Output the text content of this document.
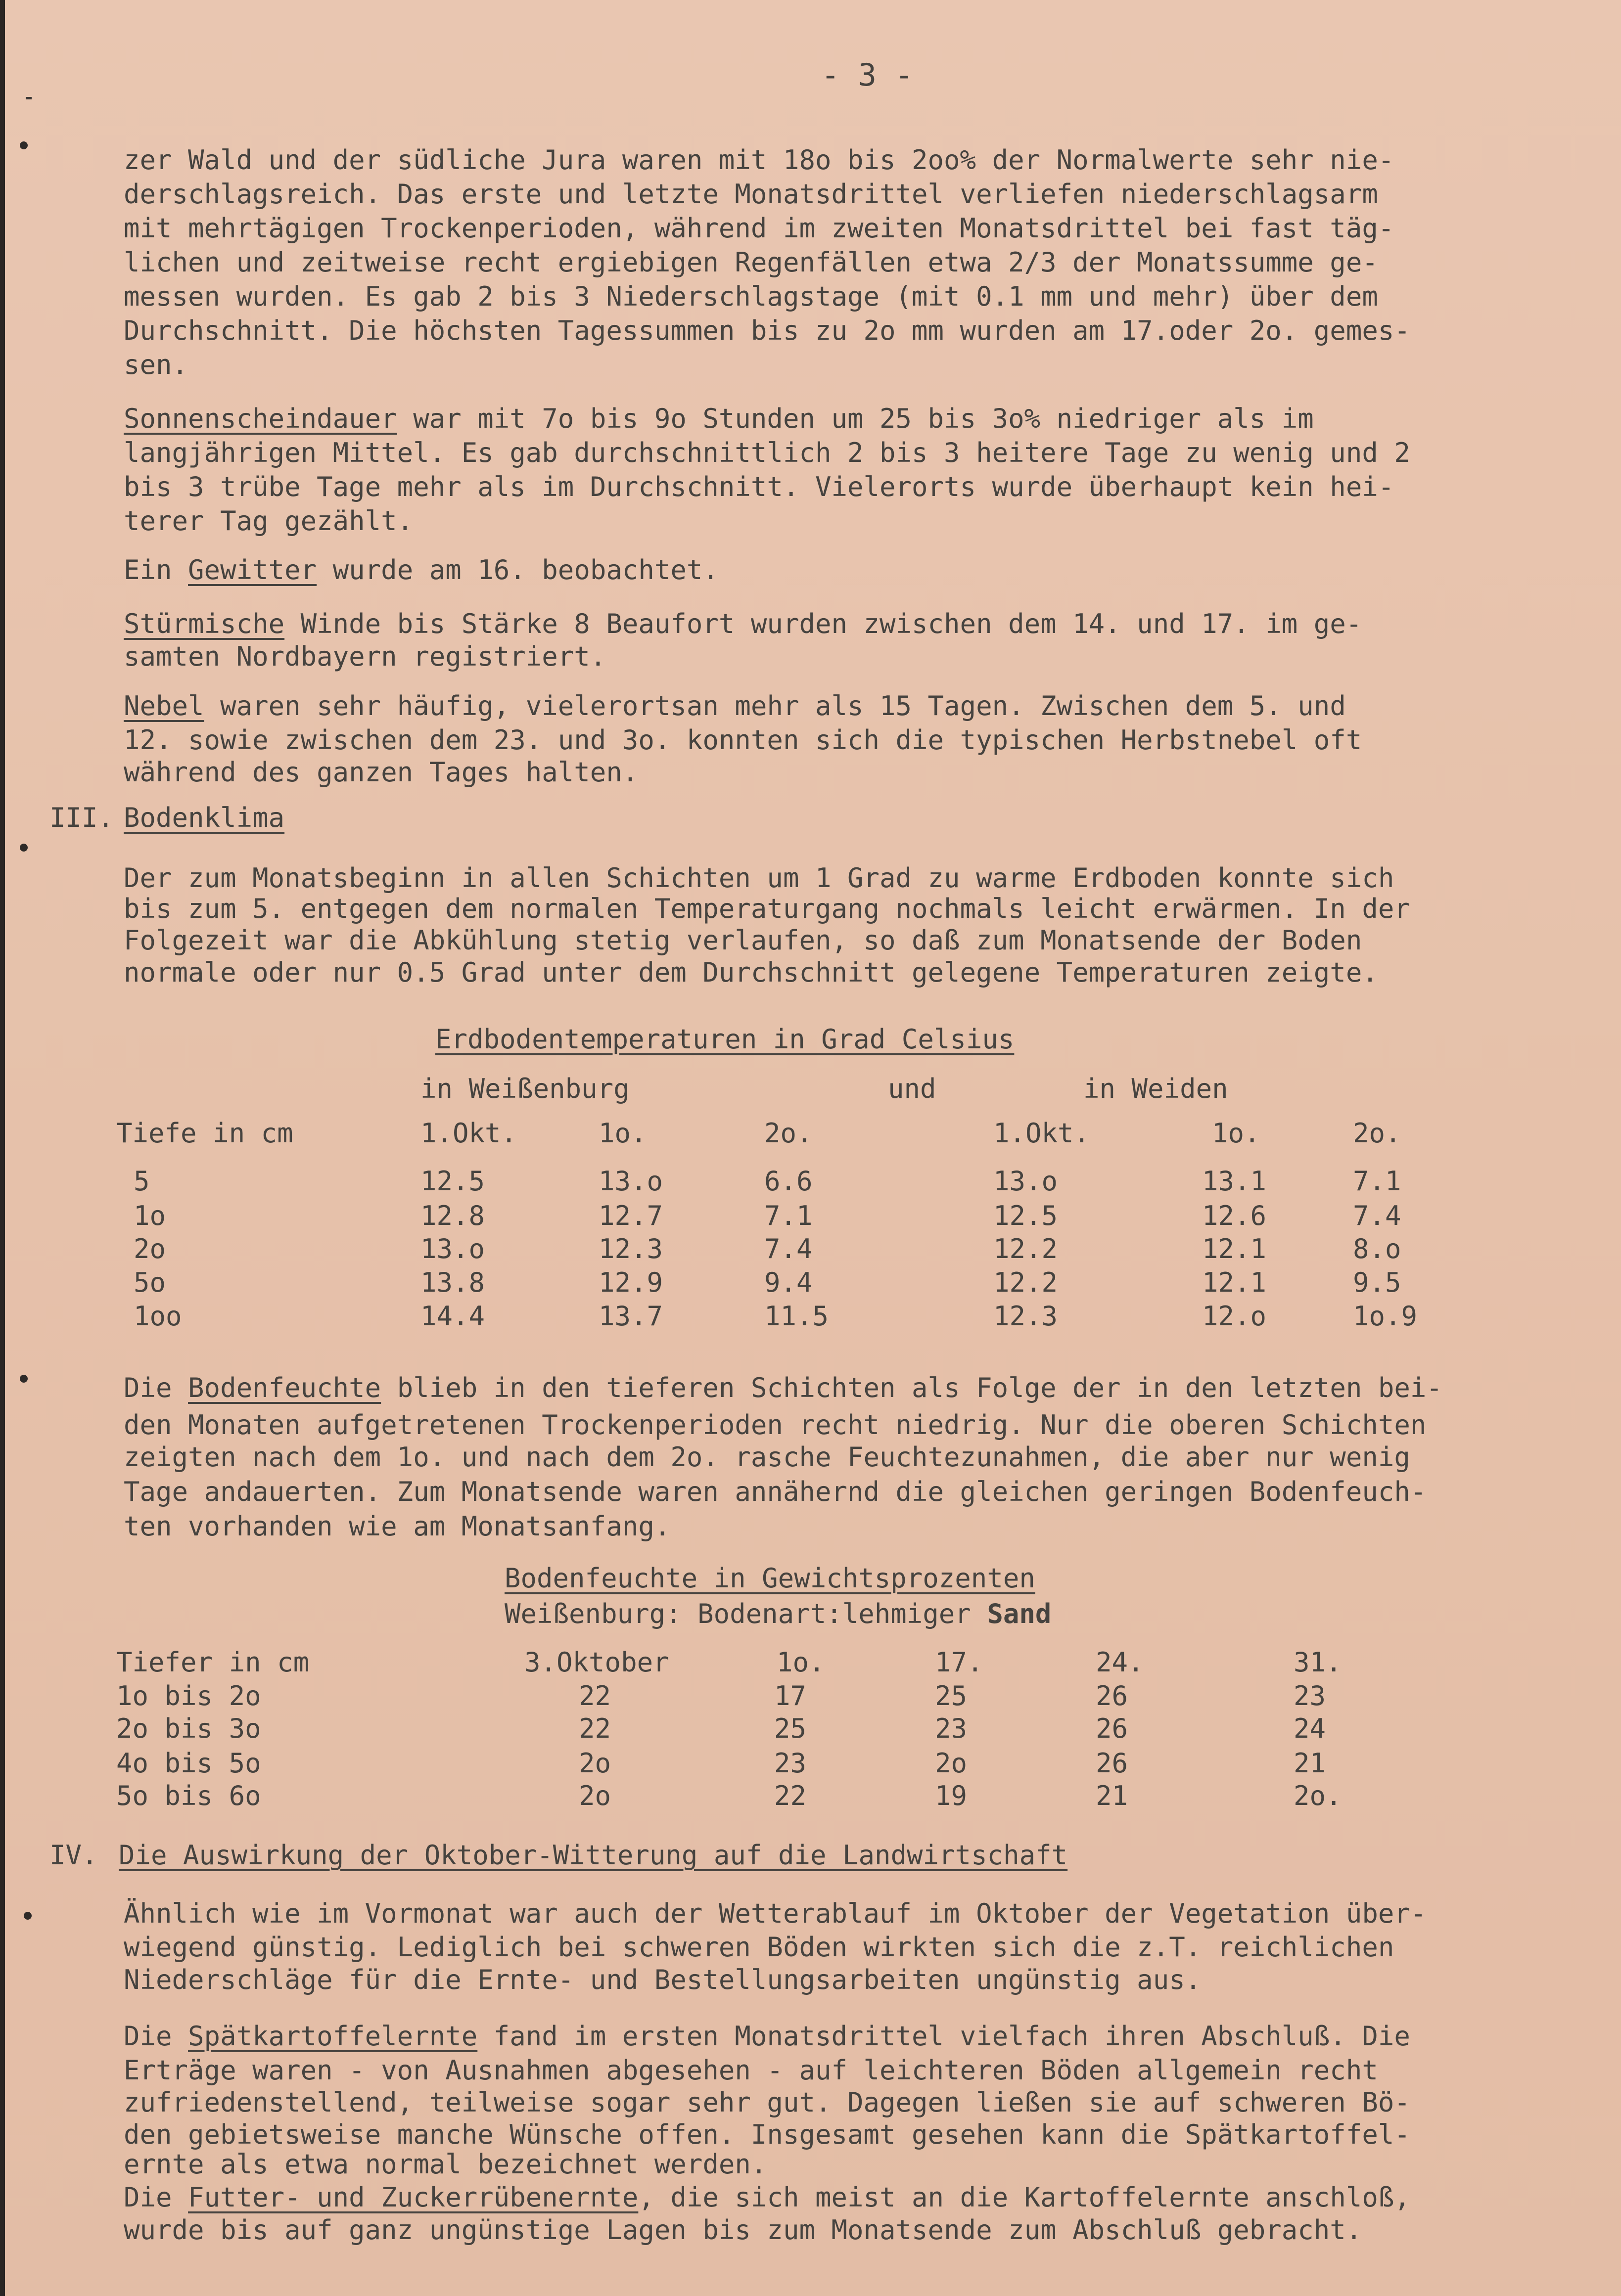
- 3 -
zer Wald und der südliche Jura waren mit 18o bis 2oo% der Normalwerte sehr nie-
derschlagsreich. Das erste und letzte Monatsdrittel verliefen niederschlagsarm
mit mehrtägigen Trockenperioden, während im zweiten Monatsdrittel bei fast täg-
lichen und zeitweise recht ergiebigen Regenfällen etwa 2/3 der Monatssumme ge-
messen wurden. Es gab 2 bis 3 Niederschlagstage (mit 0.1 mm und mehr) über dem
Durchschnitt. Die höchsten Tagessummen bis zu 2o mm wurden am 17.oder 2o. gemes-
sen.
Sonnenscheindauer war mit 7o bis 9o Stunden um 25 bis 3o% niedriger als im
langjährigen Mittel. Es gab durchschnittlich 2 bis 3 heitere Tage zu wenig und 2
bis 3 trübe Tage mehr als im Durchschnitt. Vielerorts wurde überhaupt kein hei-
terer Tag gezählt.
Ein Gewitter wurde am 16. beobachtet.
Stürmische Winde bis Stärke 8 Beaufort wurden zwischen dem 14. und 17. im ge-
samten Nordbayern registriert.
Nebel waren sehr häufig, vielerortsan mehr als 15 Tagen. Zwischen dem 5. und
12. sowie zwischen dem 23. und 3o. konnten sich die typischen Herbstnebel oft
während des ganzen Tages halten.
III. Bodenklima
Der zum Monatsbeginn in allen Schichten um 1 Grad zu warme Erdboden konnte sich
bis zum 5. entgegen dem normalen Temperaturgang nochmals leicht erwärmen. In der
Folgezeit war die Abkühlung stetig verlaufen, so daß zum Monatsende der Boden
normale oder nur 0.5 Grad unter dem Durchschnitt gelegene Temperaturen zeigte.
Erdbodentemperaturen in Grad Celsius
in Weißenburg	und	in Weiden
Tiefe in cm	1.Okt.	1o.	2o.	1.Okt.	1o.	2o.
5	12.5	13.o	6.6	13.o	13.1	7.1
1o	12.8	12.7	7.1	12.5	12.6	7.4
2o	13.o	12.3	7.4	12.2	12.1	8.o
5o	13.8	12.9	9.4	12.2	12.1	9.5
1oo	14.4	13.7	11.5	12.3	12.o	1o.9
Die Bodenfeuchte blieb in den tieferen Schichten als Folge der in den letzten bei-
den Monaten aufgetretenen Trockenperioden recht niedrig. Nur die oberen Schichten
zeigten nach dem 1o. und nach dem 2o. rasche Feuchtezunahmen, die aber nur wenig
Tage andauerten. Zum Monatsende waren annähernd die gleichen geringen Bodenfeuch-
ten vorhanden wie am Monatsanfang.
Bodenfeuchte in Gewichtsprozenten
Weißenburg: Bodenart:lehmiger Sand
Tiefer in cm	3.Oktober	1o.	17.	24.	31.
1o bis 2o	22	17	25	26	23
2o bis 3o	22	25	23	26	24
4o bis 5o	2o	23	2o	26	21
5o bis 6o	2o	22	19	21	2o.
IV. Die Auswirkung der Oktober-Witterung auf die Landwirtschaft
Ähnlich wie im Vormonat war auch der Wetterablauf im Oktober der Vegetation über-
wiegend günstig. Lediglich bei schweren Böden wirkten sich die z.T. reichlichen
Niederschläge für die Ernte- und Bestellungsarbeiten ungünstig aus.
Die Spätkartoffelernte fand im ersten Monatsdrittel vielfach ihren Abschluß. Die
Erträge waren - von Ausnahmen abgesehen - auf leichteren Böden allgemein recht
zufriedenstellend, teilweise sogar sehr gut. Dagegen ließen sie auf schweren Bö-
den gebietsweise manche Wünsche offen. Insgesamt gesehen kann die Spätkartoffel-
ernte als etwa normal bezeichnet werden.
Die Futter- und Zuckerrübenernte, die sich meist an die Kartoffelernte anschloß,
wurde bis auf ganz ungünstige Lagen bis zum Monatsende zum Abschluß gebracht.
